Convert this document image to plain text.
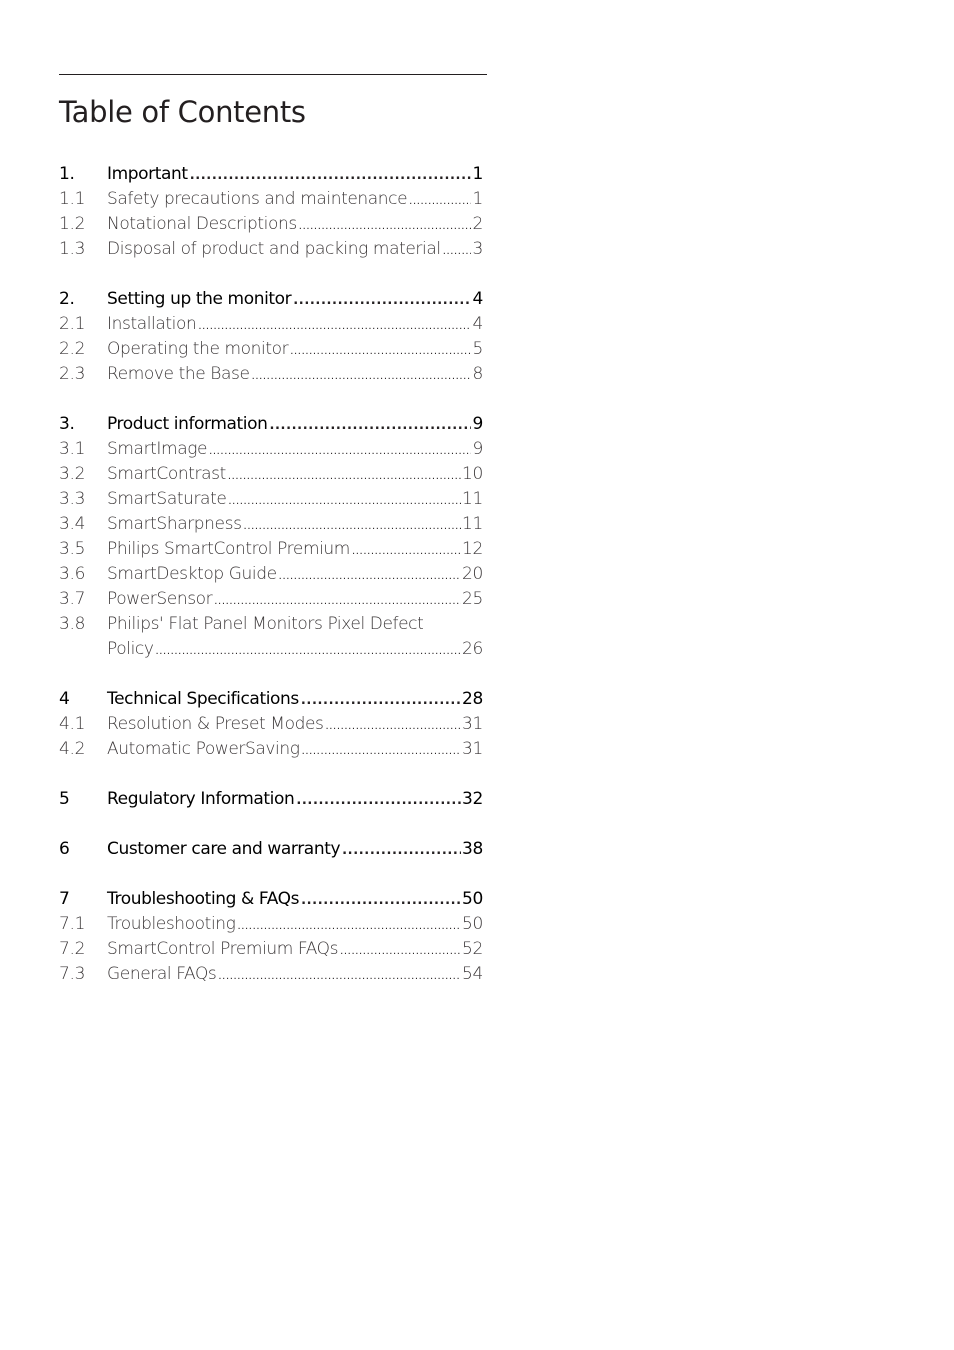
Table of Contents
1.	Important .....	1
1.1	Safety precautions and maintenance .....	1
1.2	Notational Descriptions .....	2
1.3	Disposal of product and packing material ..... 3
2.	Setting up the monitor .....	4
2.1	Installation .....	4
2.2	Operating the monitor .....	5
2.3	Remove the Base .....	8
3.	Product information .....	9
3.1	SmartImage .....	9
3.2	SmartContrast .....	10
3.3	SmartSaturate .....	11
3.4	SmartSharpness .....	11
3.5	Philips SmartControl Premium .....	12
3.6	SmartDesktop Guide .....	20
3.7	PowerSensor .....	25
3.8	Philips' Flat Panel Monitors Pixel Defect
Policy .....	26
4	Technical Specifications .....	28
4.1	Resolution & Preset Modes .....	31
4.2	Automatic PowerSaving .....	31
5	Regulatory Information .....	32
6	Customer care and warranty .....	38
7	Troubleshooting & FAQs .....	50
7.1	Troubleshooting .....	50
7.2	SmartControl Premium FAQs .....	52
7.3	General FAQs .....	54
